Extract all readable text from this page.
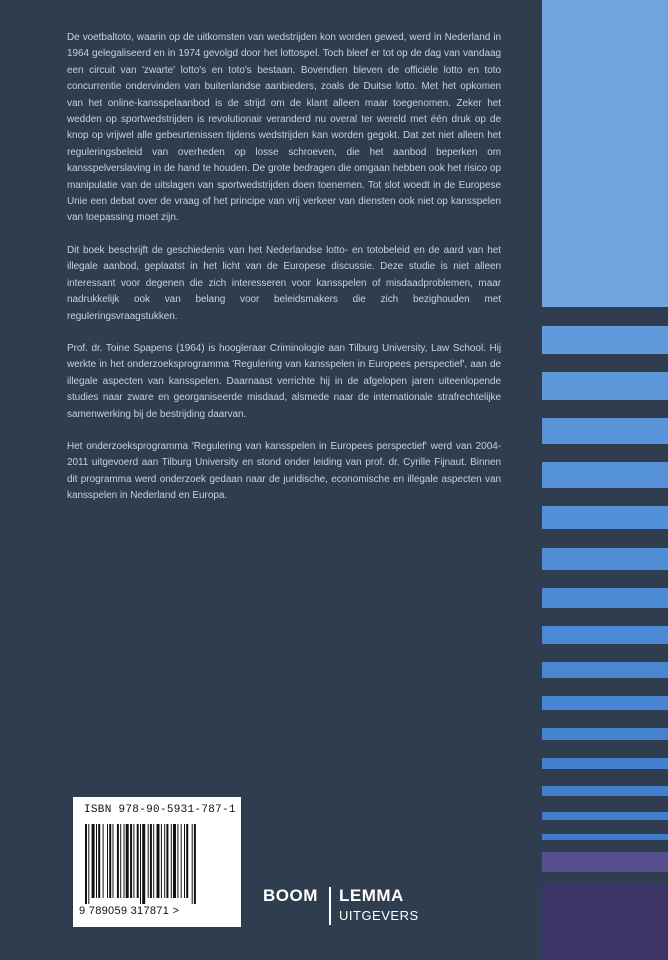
De voetbaltoto, waarin op de uitkomsten van wedstrijden kon worden gewed, werd in Nederland in 1964 gelegaliseerd en in 1974 gevolgd door het lottospel. Toch bleef er tot op de dag van vandaag een circuit van 'zwarte' lotto's en toto's bestaan. Bovendien bleven de officiële lotto en toto concurrentie ondervinden van buitenlandse aanbieders, zoals de Duitse lotto. Met het opkomen van het online-kansspelaanbod is de strijd om de klant alleen maar toegenomen. Zeker het wedden op sportwedstrijden is revolutionair veranderd nu overal ter wereld met één druk op de knop op vrijwel alle gebeurtenissen tijdens wedstrijden kan worden gegokt. Dat zet niet alleen het reguleringsbeleid van overheden op losse schroeven, die het aanbod beperken om kansspelverslaving in de hand te houden. De grote bedragen die omgaan hebben ook het risico op manipulatie van de uitslagen van sportwedstrijden doen toenemen. Tot slot woedt in de Europese Unie een debat over de vraag of het principe van vrij verkeer van diensten ook niet op kansspelen van toepassing moet zijn.

Dit boek beschrijft de geschiedenis van het Nederlandse lotto- en totobeleid en de aard van het illegale aanbod, geplaatst in het licht van de Europese discussie. Deze studie is niet alleen interessant voor degenen die zich interesseren voor kansspelen of misdaadproblemen, maar nadrukkelijk ook van belang voor beleidsmakers die zich bezighouden met reguleringsvraagstukken.

Prof. dr. Toine Spapens (1964) is hoogleraar Criminologie aan Tilburg University, Law School. Hij werkte in het onderzoeksprogramma 'Regulering van kansspelen in Europees perspectief', aan de illegale aspecten van kansspelen. Daarnaast verrichte hij in de afgelopen jaren uiteenlopende studies naar zware en georganiseerde misdaad, alsmede naar de internationale strafrechtelijke samenwerking bij de bestrijding daarvan.

Het onderzoeksprogramma 'Regulering van kansspelen in Europees perspectief' werd van 2004-2011 uitgevoerd aan Tilburg University en stond onder leiding van prof. dr. Cyrille Fijnaut. Binnen dit programma werd onderzoek gedaan naar de juridische, economische en illegale aspecten van kansspelen in Nederland en Europa.

ISBN 978-90-5931-787-1
9 789059 317871 >
BOOM LEMMA
UITGEVERS
